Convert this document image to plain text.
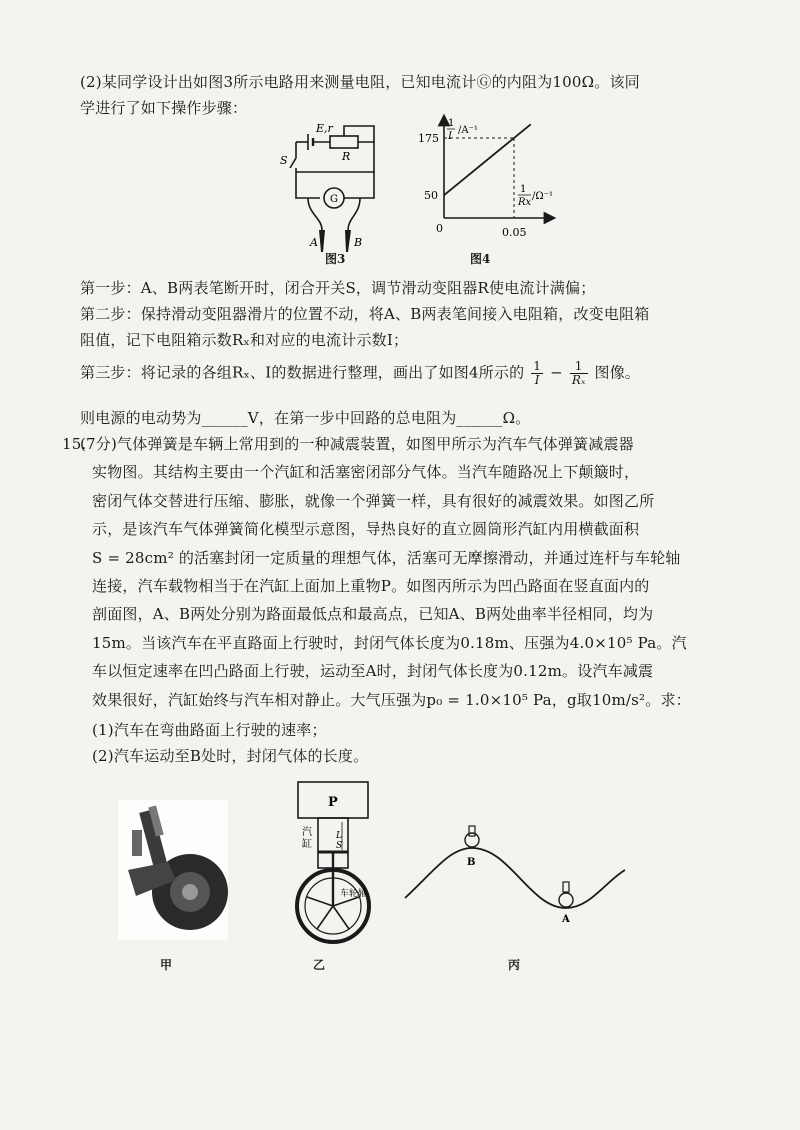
(2)某同学设计出如图3所示电路用来测量电阻，已知电流计Ⓖ的内阻为100Ω。该同
学进行了如下操作步骤：
E,r
R
S
G
A	B
图3
1
I
/A⁻¹
1
Rx
/Ω⁻¹
0
175
50
0.05
图4
第一步：A、B两表笔断开时，闭合开关S，调节滑动变阻器R使电流计满偏；
第二步：保持滑动变阻器滑片的位置不动，将A、B两表笔间接入电阻箱，改变电阻箱
阻值，记下电阻箱示数Rₓ和对应的电流计示数I；
第三步：将记录的各组Rₓ、I的数据进行整理，画出了如图4所示的 $\frac{1}{I} - \frac{1}{\text{Rₓ}}$ 图像。
则电源的电动势为______V，在第一步中回路的总电阻为______Ω。
15.
(7分)气体弹簧是车辆上常用到的一种减震装置，如图甲所示为汽车气体弹簧减震器
实物图。其结构主要由一个汽缸和活塞密闭部分气体。当汽车随路况上下颠簸时，
密闭气体交替进行压缩、膨胀，就像一个弹簧一样，具有很好的减震效果。如图乙所
示，是该汽车气体弹簧简化模型示意图，导热良好的直立圆筒形汽缸内用横截面积
S = 28cm² 的活塞封闭一定质量的理想气体，活塞可无摩擦滑动，并通过连杆与车轮轴
连接，汽车载物相当于在汽缸上面加上重物P。如图丙所示为凹凸路面在竖直面内的
剖面图，A、B两处分别为路面最低点和最高点，已知A、B两处曲率半径相同，均为
15m。当该汽车在平直路面上行驶时，封闭气体长度为0.18m、压强为4.0×10⁵ Pa。汽
车以恒定速率在凹凸路面上行驶，运动至A时，封闭气体长度为0.12m。设汽车减震
效果很好，汽缸始终与汽车相对静止。大气压强为p₀ = 1.0×10⁵ Pa，g取10m/s²。求：
(1)汽车在弯曲路面上行驶的速率；
(2)汽车运动至B处时，封闭气体的长度。
甲
P
L
S
汽
缸
车轮轴
乙
B
A
丙
